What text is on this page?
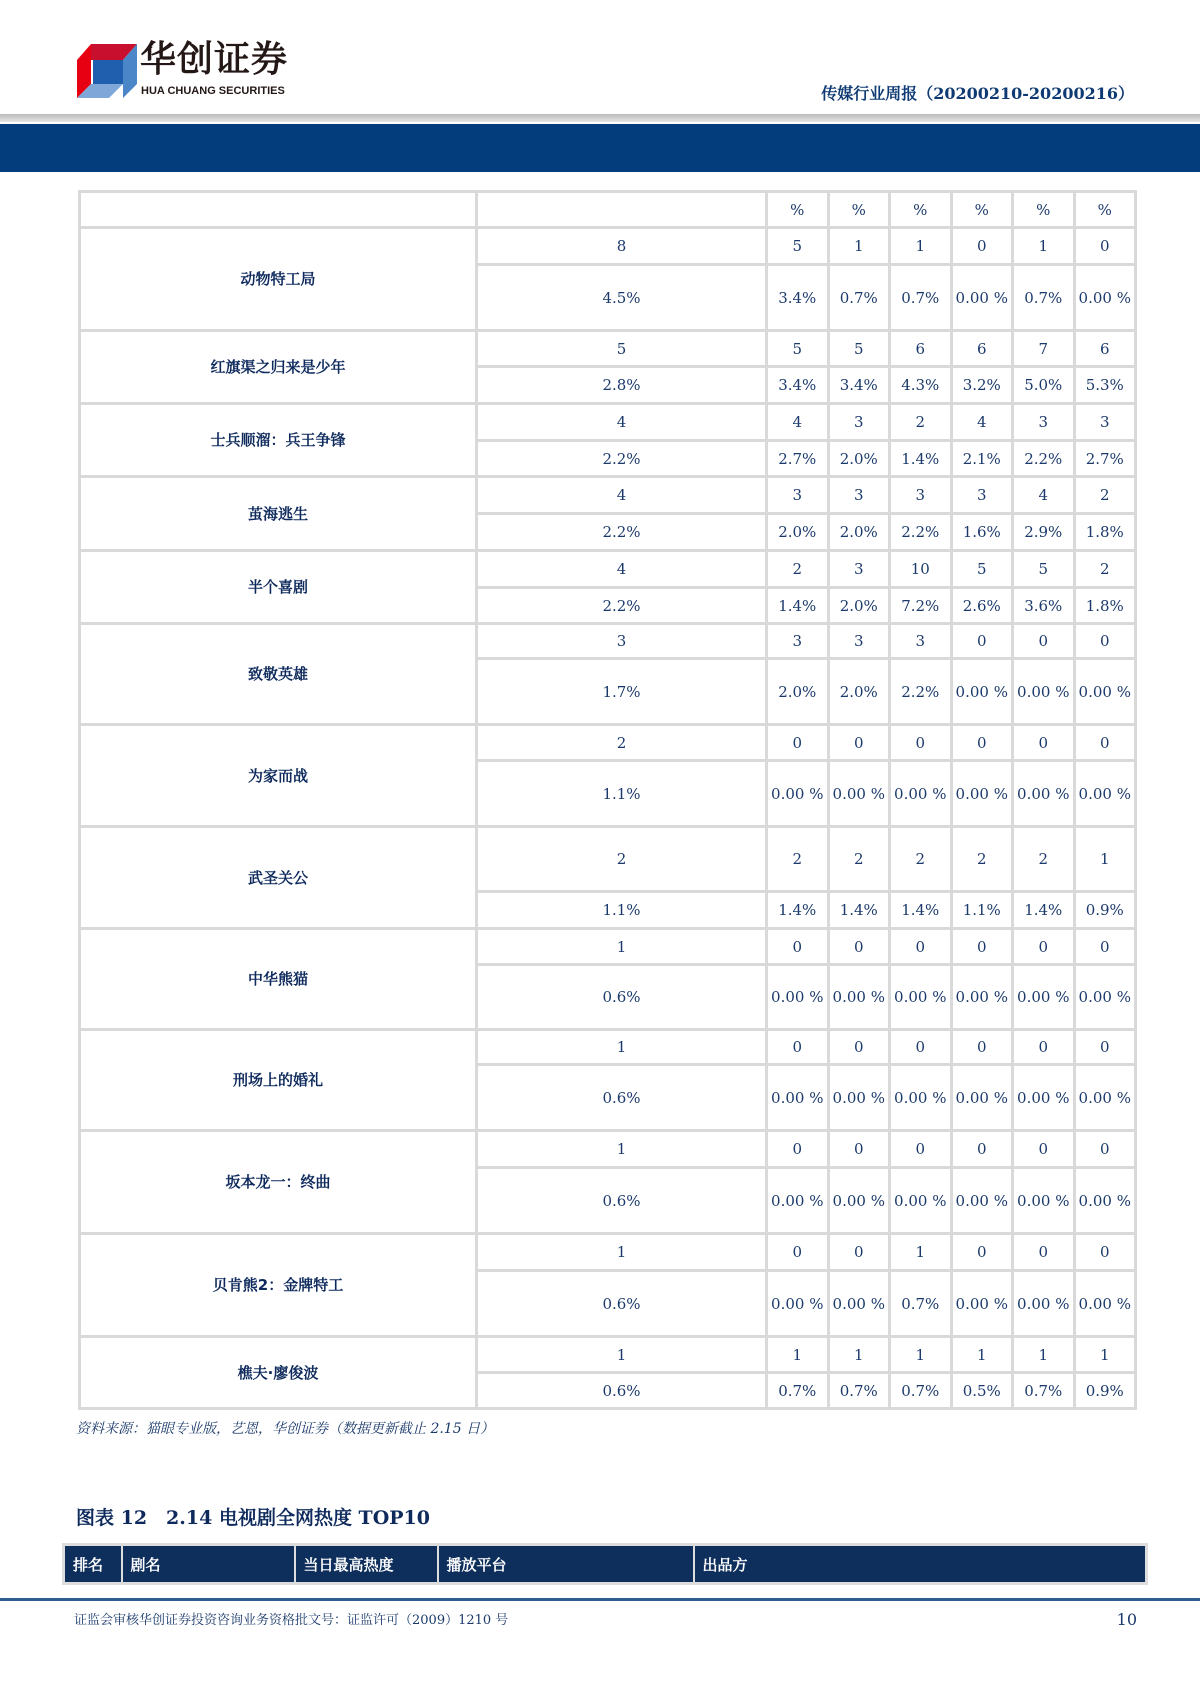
华创证券
HUA CHUANG SECURITIES	传媒行业周报（20200210-20200216）
		%	%	%	%	%	%
动物特工局	8	5	1	1	0	1	0
	4.5%	3.4%	0.7%	0.7%	0.00 %	0.7%	0.00 %
红旗渠之归来是少年	5	5	5	6	6	7	6
	2.8%	3.4%	3.4%	4.3%	3.2%	5.0%	5.3%
士兵顺溜：兵王争锋	4	4	3	2	4	3	3
	2.2%	2.7%	2.0%	1.4%	2.1%	2.2%	2.7%
茧海逃生	4	3	3	3	3	4	2
	2.2%	2.0%	2.0%	2.2%	1.6%	2.9%	1.8%
半个喜剧	4	2	3	10	5	5	2
	2.2%	1.4%	2.0%	7.2%	2.6%	3.6%	1.8%
致敬英雄	3	3	3	3	0	0	0
	1.7%	2.0%	2.0%	2.2%	0.00 %	0.00 %	0.00 %
为家而战	2	0	0	0	0	0	0
	1.1%	0.00 %	0.00 %	0.00 %	0.00 %	0.00 %	0.00 %
武圣关公	2	2	2	2	2	2	1
	1.1%	1.4%	1.4%	1.4%	1.1%	1.4%	0.9%
中华熊猫	1	0	0	0	0	0	0
	0.6%	0.00 %	0.00 %	0.00 %	0.00 %	0.00 %	0.00 %
刑场上的婚礼	1	0	0	0	0	0	0
	0.6%	0.00 %	0.00 %	0.00 %	0.00 %	0.00 %	0.00 %
坂本龙一：终曲	1	0	0	0	0	0	0
	0.6%	0.00 %	0.00 %	0.00 %	0.00 %	0.00 %	0.00 %
贝肯熊2：金牌特工	1	0	0	1	0	0	0
	0.6%	0.00 %	0.00 %	0.7%	0.00 %	0.00 %	0.00 %
樵夫·廖俊波	1	1	1	1	1	1	1
	0.6%	0.7%	0.7%	0.7%	0.5%	0.7%	0.9%
资料来源：猫眼专业版，艺恩，华创证券（数据更新截止 2.15 日）
图表 12　2.14 电视剧全网热度 TOP10
排名	剧名	当日最高热度	播放平台	出品方
证监会审核华创证券投资咨询业务资格批文号：证监许可（2009）1210 号	10
